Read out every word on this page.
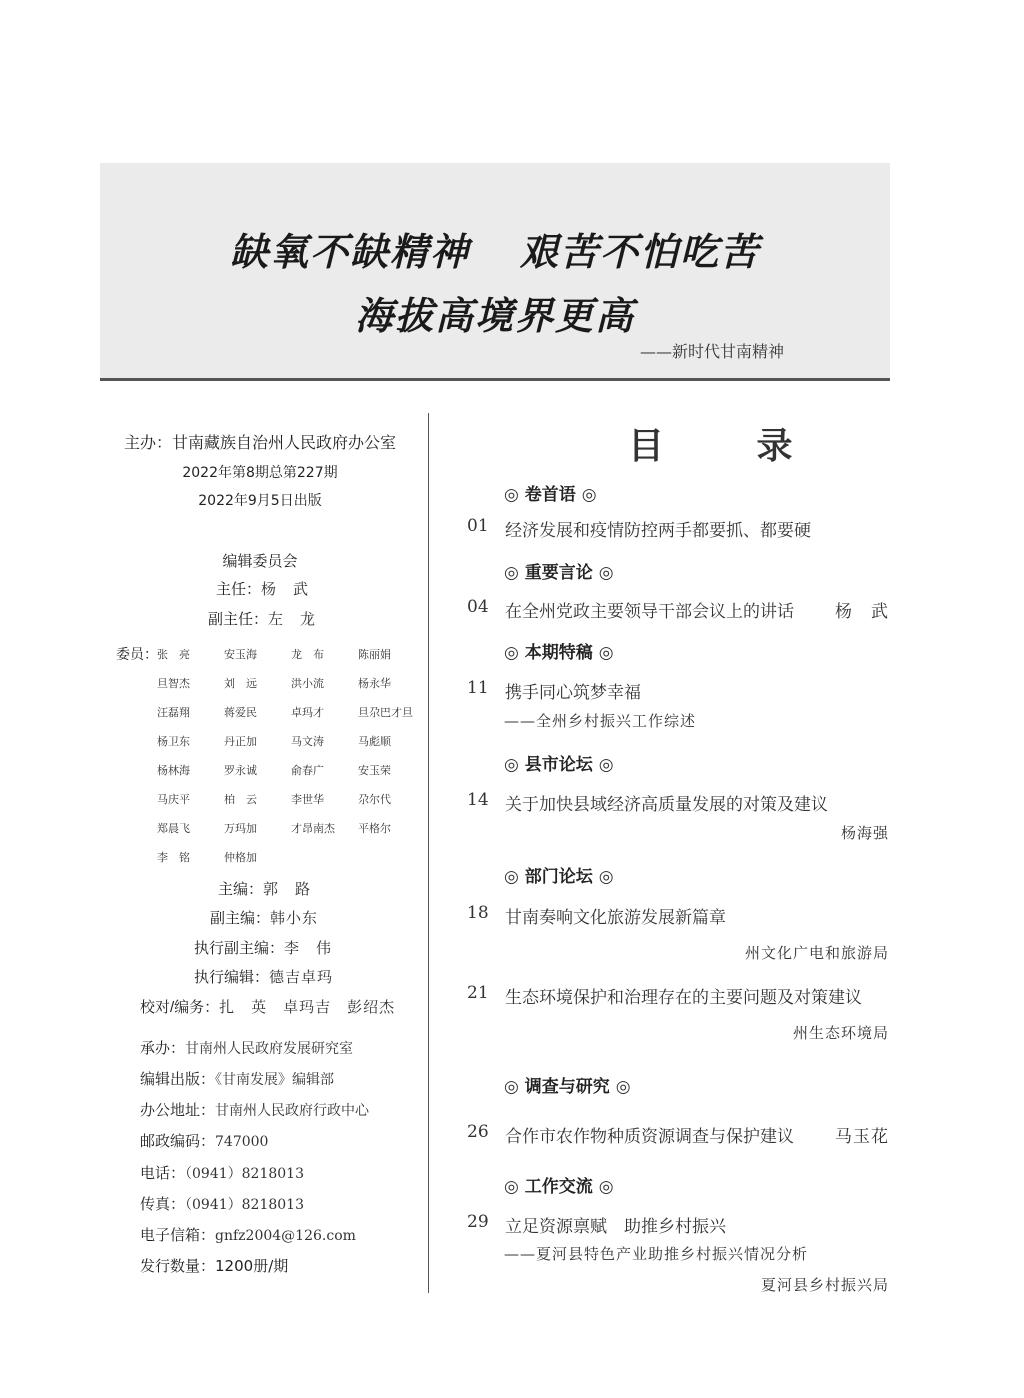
缺氧不缺精神 艰苦不怕吃苦
海拔高境界更高
——新时代甘南精神
主办：甘南藏族自治州人民政府办公室
2022年第8期总第227期
2022年9月5日出版
编辑委员会
主任：杨　武
副主任：左　龙
委员： 张　亮	安玉海	龙　布	陈丽娟
旦智杰	刘　远	洪小流	杨永华
汪磊翔	蒋爱民	卓玛才	旦尕巴才旦
杨卫东	丹正加	马文涛	马彪顺
杨林海	罗永诚	俞春广	安玉荣
马庆平	柏　云	李世华	尕尔代
郑晨飞	万玛加	才昂南杰	平格尔
李　铭	仲格加
主编：郭　路
副主编：韩小东
执行副主编：李　伟
执行编辑：德吉卓玛
校对/编务：扎　英　卓玛吉　彭绍杰
承办：甘南州人民政府发展研究室
编辑出版：《甘南发展》编辑部
办公地址：甘南州人民政府行政中心
邮政编码：747000
电话：（0941）8218013
传真：（0941）8218013
电子信箱：gnfz2004@126.com
发行数量：1200册/期
目 录
◎ 卷首语 ◎
01 经济发展和疫情防控两手都要抓、都要硬
◎ 重要言论 ◎
04 在全州党政主要领导干部会议上的讲话 杨　武
◎ 本期特稿 ◎
11 携手同心筑梦幸福
——全州乡村振兴工作综述
◎ 县市论坛 ◎
14 关于加快县域经济高质量发展的对策及建议
杨海强
◎ 部门论坛 ◎
18 甘南奏响文化旅游发展新篇章
州文化广电和旅游局
21 生态环境保护和治理存在的主要问题及对策建议
州生态环境局
◎ 调查与研究 ◎
26 合作市农作物种质资源调查与保护建议 马玉花
◎ 工作交流 ◎
29 立足资源禀赋　助推乡村振兴
——夏河县特色产业助推乡村振兴情况分析
夏河县乡村振兴局
